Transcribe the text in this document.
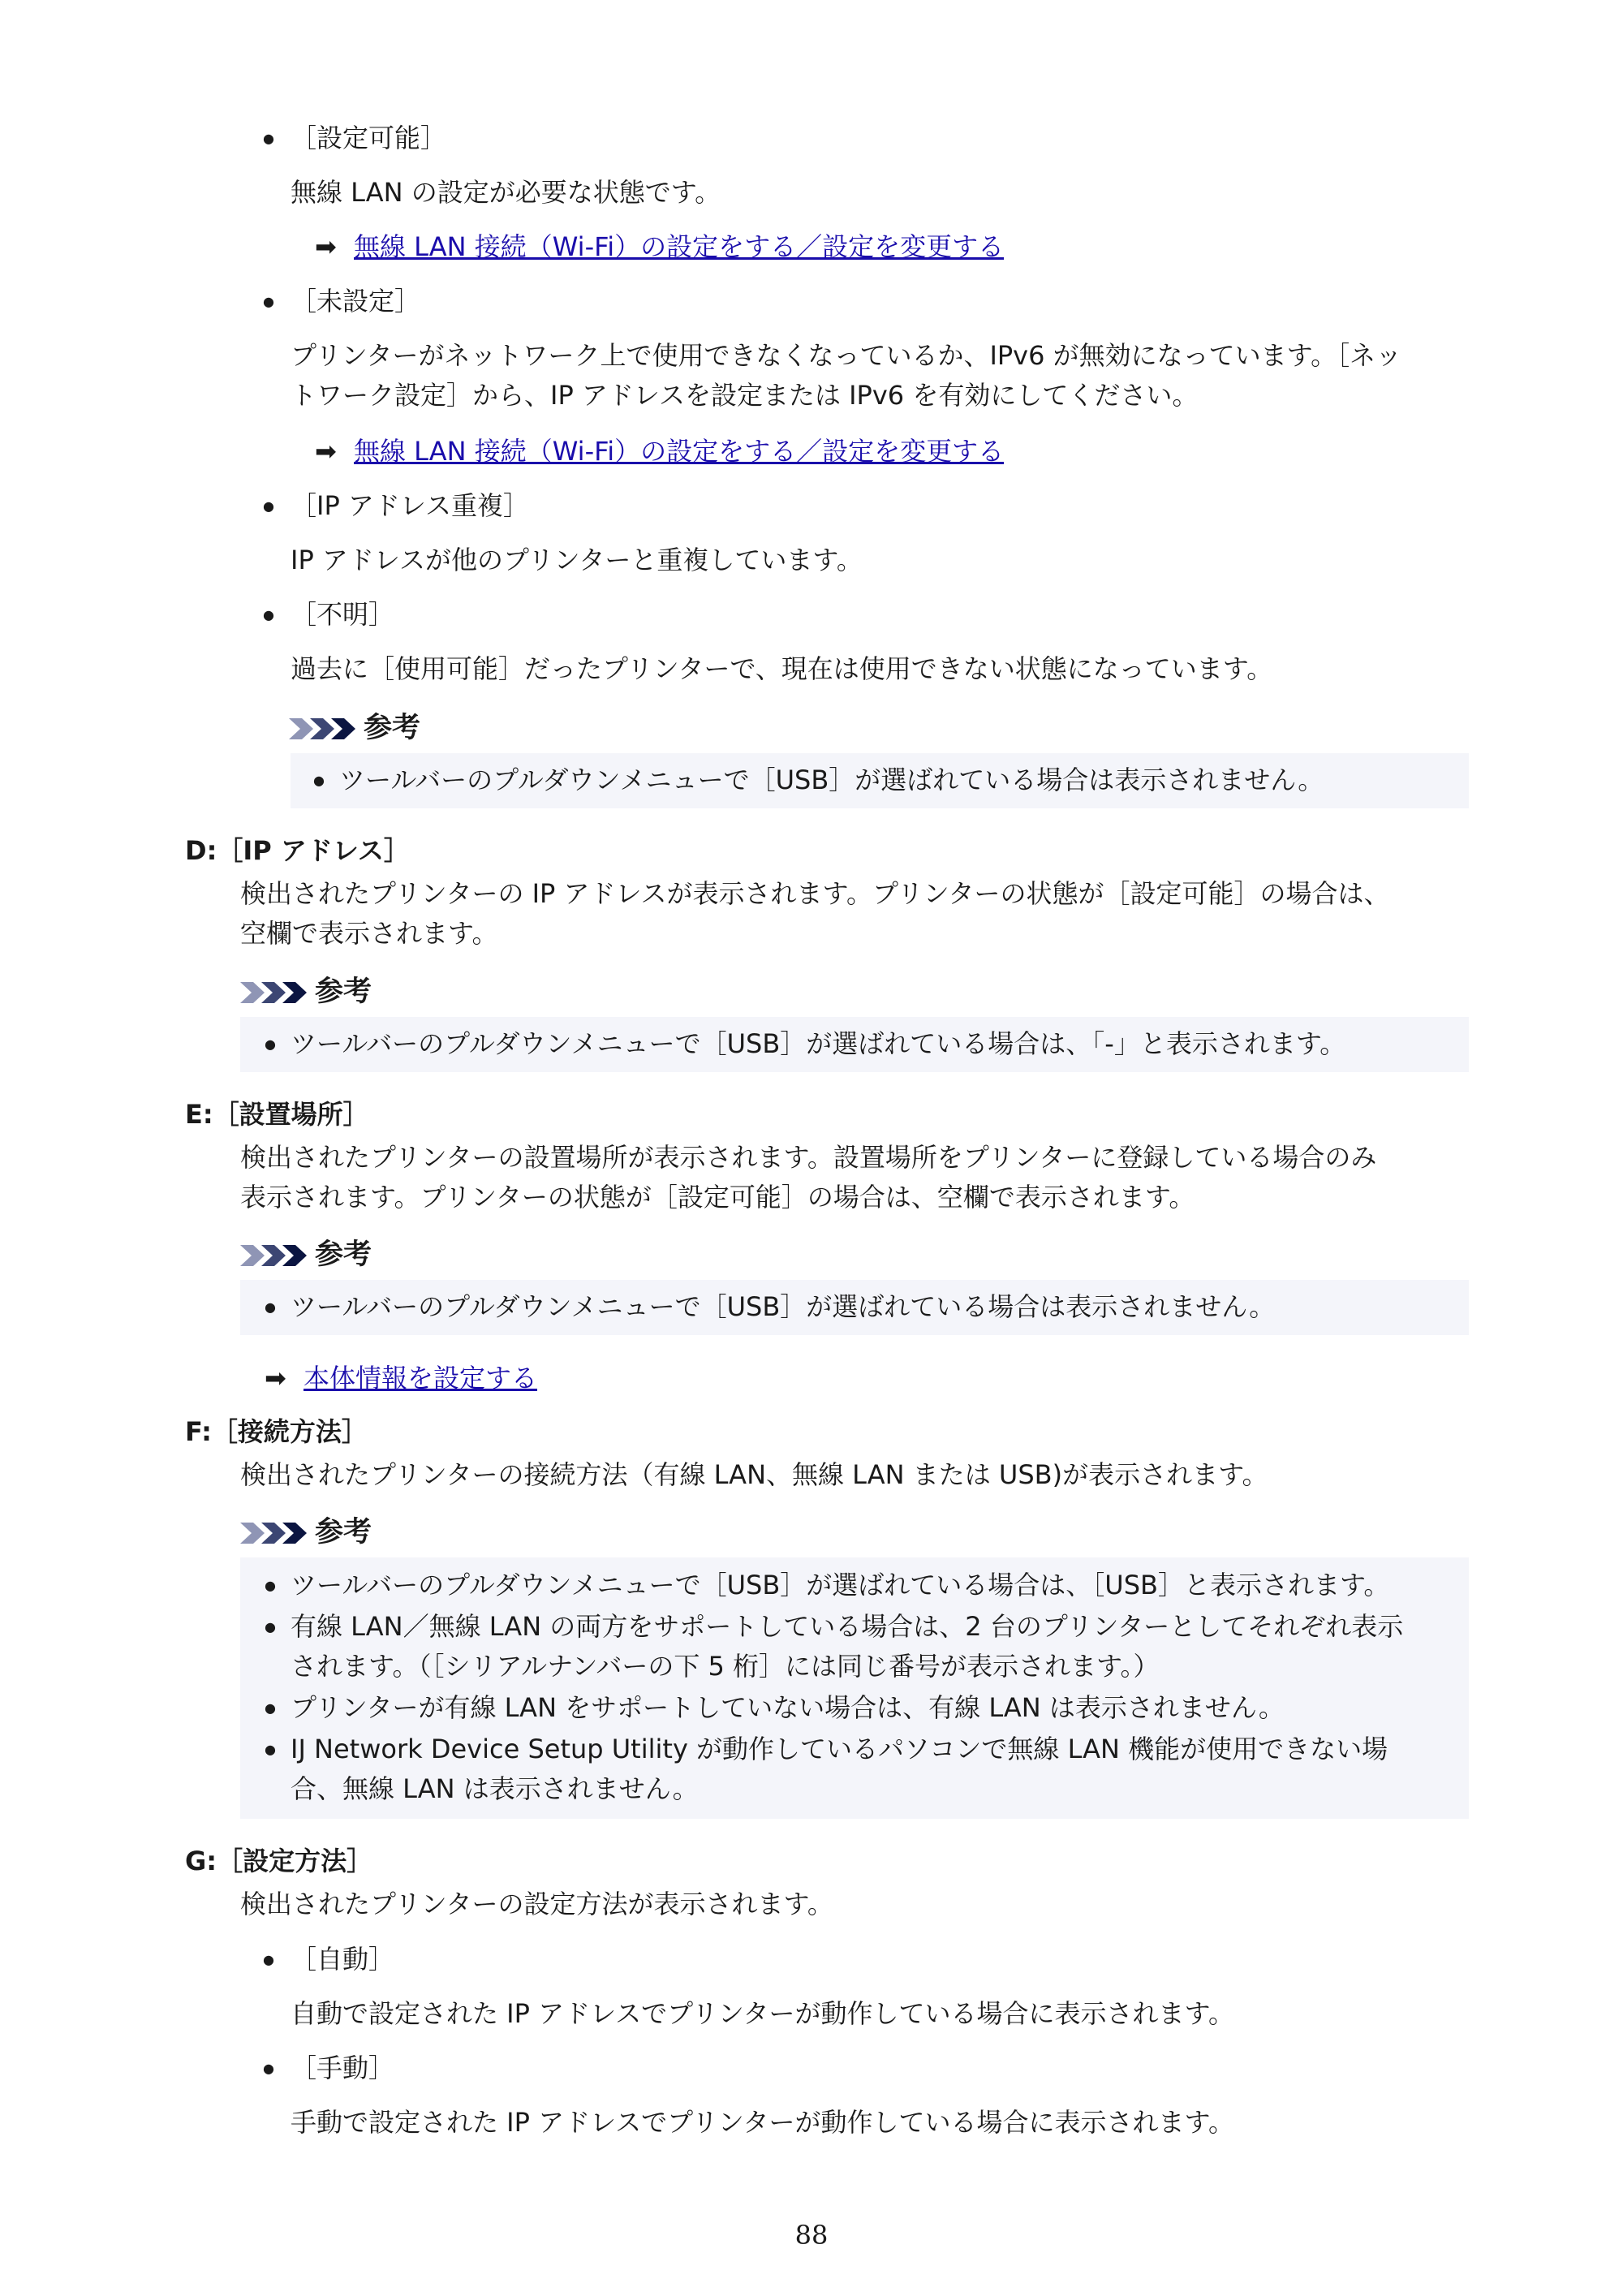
● ［設定可能］
無線 LAN の設定が必要な状態です。
➡ 無線 LAN 接続（Wi-Fi）の設定をする／設定を変更する
● ［未設定］
プリンターがネットワーク上で使用できなくなっているか、IPv6 が無効になっています。［ネッ
トワーク設定］から、IP アドレスを設定または IPv6 を有効にしてください。
➡ 無線 LAN 接続（Wi-Fi）の設定をする／設定を変更する
● ［IP アドレス重複］
IP アドレスが他のプリンターと重複しています。
● ［不明］
過去に［使用可能］だったプリンターで、現在は使用できない状態になっています。
参考
● ツールバーのプルダウンメニューで［USB］が選ばれている場合は表示されません。
D:［IP アドレス］
検出されたプリンターの IP アドレスが表示されます。プリンターの状態が［設定可能］の場合は、
空欄で表示されます。
参考
● ツールバーのプルダウンメニューで［USB］が選ばれている場合は、「-」と表示されます。
E:［設置場所］
検出されたプリンターの設置場所が表示されます。設置場所をプリンターに登録している場合のみ
表示されます。プリンターの状態が［設定可能］の場合は、空欄で表示されます。
参考
● ツールバーのプルダウンメニューで［USB］が選ばれている場合は表示されません。
➡ 本体情報を設定する
F:［接続方法］
検出されたプリンターの接続方法（有線 LAN、無線 LAN または USB)が表示されます。
参考
● ツールバーのプルダウンメニューで［USB］が選ばれている場合は、［USB］と表示されます。
● 有線 LAN／無線 LAN の両方をサポートしている場合は、2 台のプリンターとしてそれぞれ表示
されます。（［シリアルナンバーの下 5 桁］には同じ番号が表示されます。）
● プリンターが有線 LAN をサポートしていない場合は、有線 LAN は表示されません。
● IJ Network Device Setup Utility が動作しているパソコンで無線 LAN 機能が使用できない場
合、無線 LAN は表示されません。
G:［設定方法］
検出されたプリンターの設定方法が表示されます。
● ［自動］
自動で設定された IP アドレスでプリンターが動作している場合に表示されます。
● ［手動］
手動で設定された IP アドレスでプリンターが動作している場合に表示されます。
88
